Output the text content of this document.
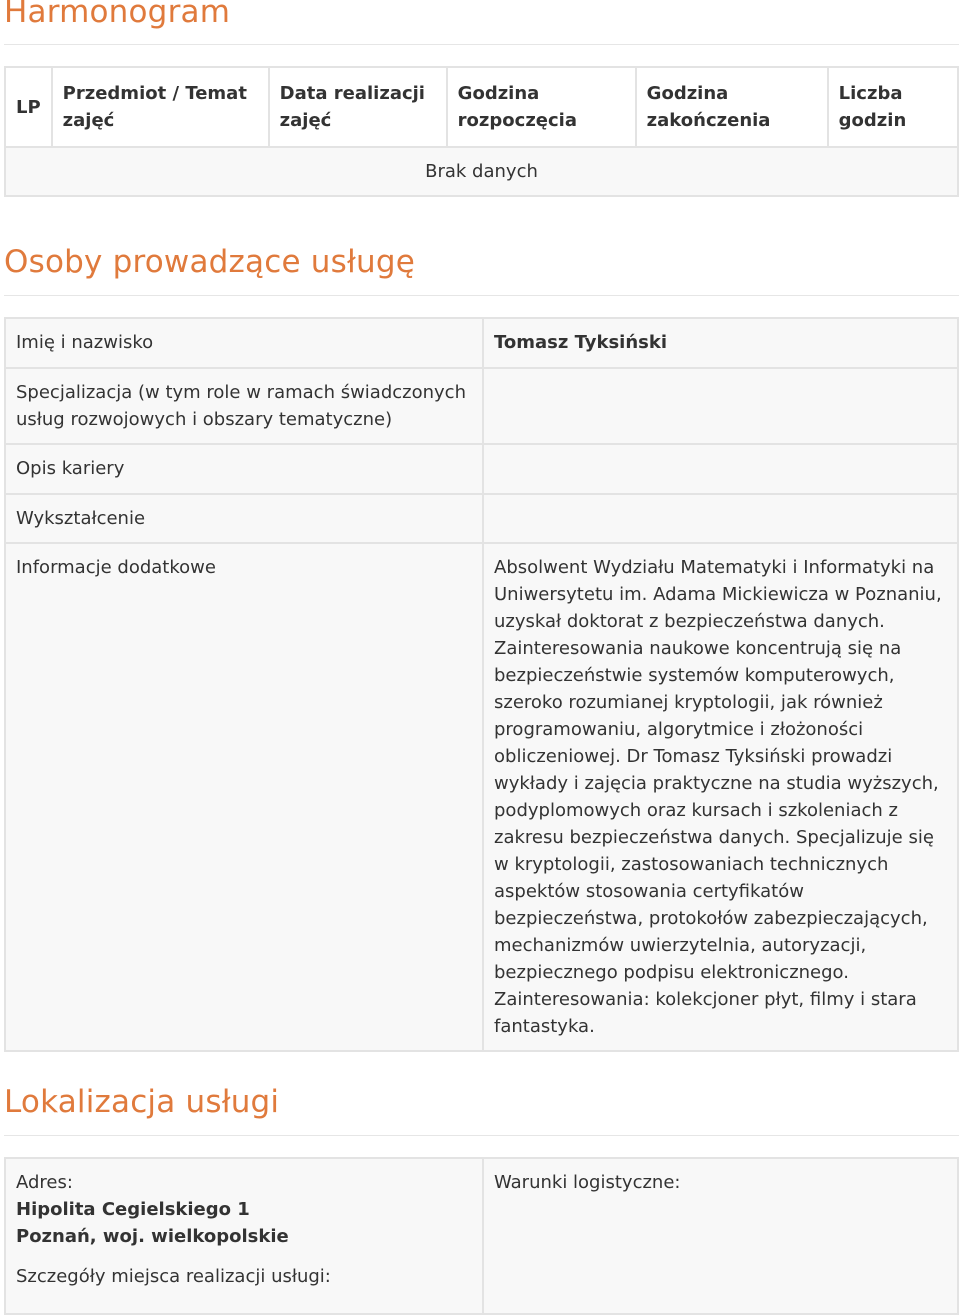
Harmonogram
LP	Przedmiot / Temat zajęć	Data realizacji zajęć	Godzina rozpoczęcia	Godzina zakończenia	Liczba godzin
Brak danych
Osoby prowadzące usługę
Imię i nazwisko	Tomasz Tyksiński
Specjalizacja (w tym role w ramach świadczonych usług rozwojowych i obszary tematyczne)	
Opis kariery	
Wykształcenie	
Informacje dodatkowe	Absolwent Wydziału Matematyki i Informatyki na Uniwersytetu im. Adama Mickiewicza w Poznaniu, uzyskał doktorat z bezpieczeństwa danych. Zainteresowania naukowe koncentrują się na bezpieczeństwie systemów komputerowych, szeroko rozumianej kryptologii, jak również programowaniu, algorytmice i złożoności obliczeniowej. Dr Tomasz Tyksiński prowadzi wykłady i zajęcia praktyczne na studia wyższych, podyplomowych oraz kursach i szkoleniach z zakresu bezpieczeństwa danych. Specjalizuje się w kryptologii, zastosowaniach technicznych aspektów stosowania certyfikatów bezpieczeństwa, protokołów zabezpieczających, mechanizmów uwierzytelnia, autoryzacji, bezpiecznego podpisu elektronicznego. Zainteresowania: kolekcjoner płyt, filmy i stara fantastyka.
Lokalizacja usługi
Adres:
Hipolita Cegielskiego 1
Poznań, woj. wielkopolskie
Szczegóły miejsca realizacji usługi:

Warunki logistyczne:
